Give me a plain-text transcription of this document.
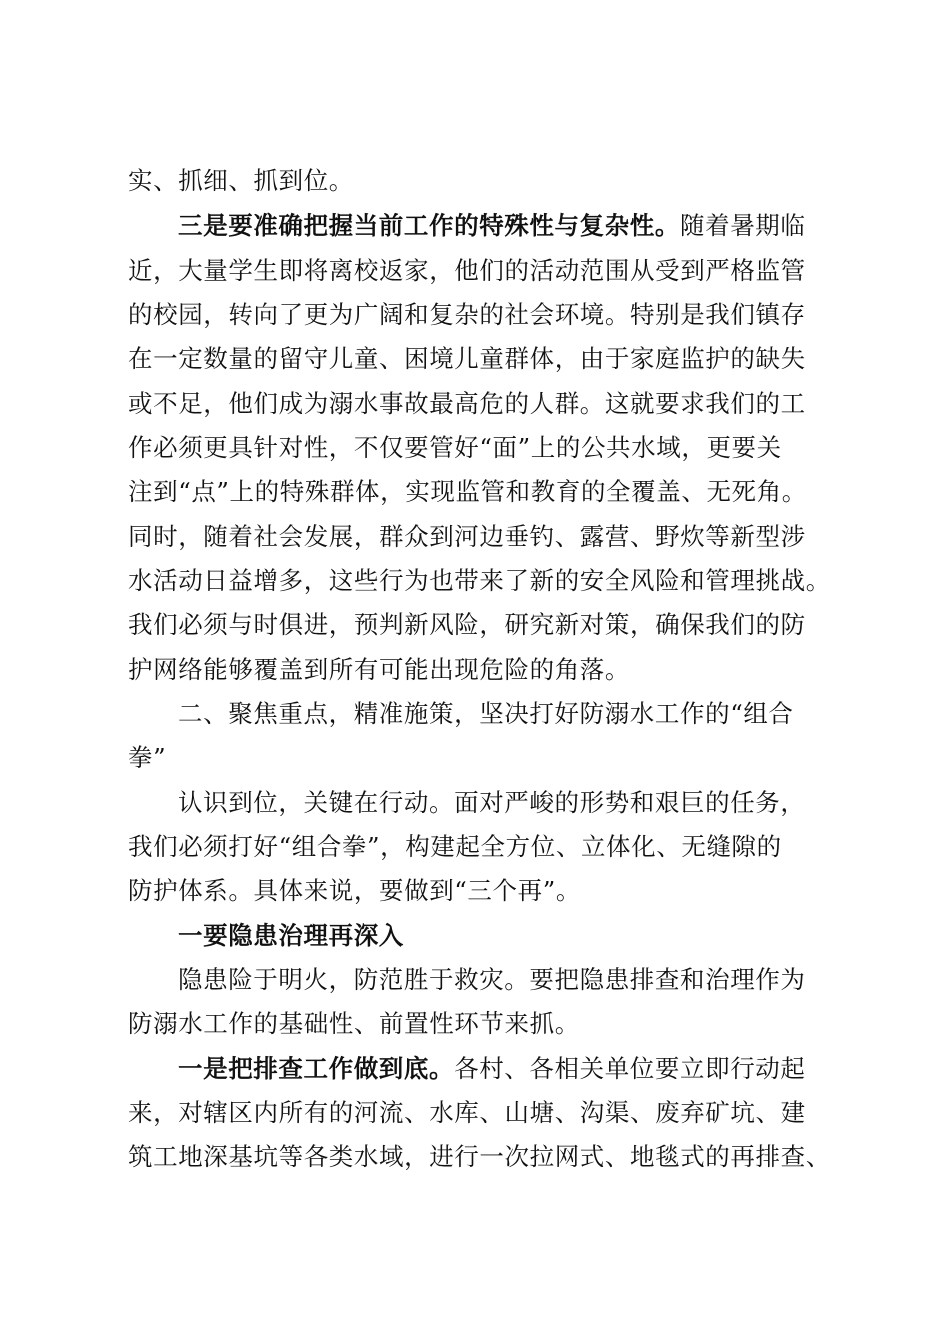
实、抓细、抓到位。
三是要准确把握当前工作的特殊性与复杂性。随着暑期临
近，大量学生即将离校返家，他们的活动范围从受到严格监管
的校园，转向了更为广阔和复杂的社会环境。特别是我们镇存
在一定数量的留守儿童、困境儿童群体，由于家庭监护的缺失
或不足，他们成为溺水事故最高危的人群。这就要求我们的工
作必须更具针对性，不仅要管好“面”上的公共水域，更要关
注到“点”上的特殊群体，实现监管和教育的全覆盖、无死角。
同时，随着社会发展，群众到河边垂钓、露营、野炊等新型涉
水活动日益增多，这些行为也带来了新的安全风险和管理挑战。
我们必须与时俱进，预判新风险，研究新对策，确保我们的防
护网络能够覆盖到所有可能出现危险的角落。
二、聚焦重点，精准施策，坚决打好防溺水工作的“组合
拳”
认识到位，关键在行动。面对严峻的形势和艰巨的任务，
我们必须打好“组合拳”，构建起全方位、立体化、无缝隙的
防护体系。具体来说，要做到“三个再”。
一要隐患治理再深入
隐患险于明火，防范胜于救灾。要把隐患排查和治理作为
防溺水工作的基础性、前置性环节来抓。
一是把排查工作做到底。各村、各相关单位要立即行动起
来，对辖区内所有的河流、水库、山塘、沟渠、废弃矿坑、建
筑工地深基坑等各类水域，进行一次拉网式、地毯式的再排查、
